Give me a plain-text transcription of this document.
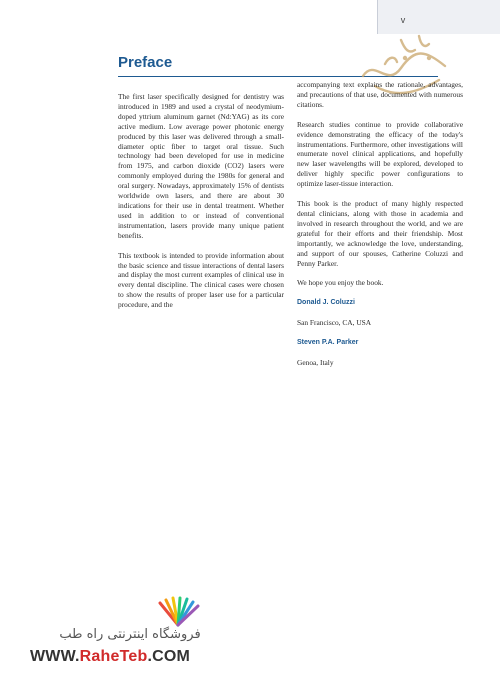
v
Preface

The first laser specifically designed for dentistry was introduced in 1989 and used a crystal of neodymium-doped yttrium aluminum garnet (Nd:YAG) as its core active medium. Low average power photonic energy produced by this laser was delivered through a small-diameter optic fiber to target oral tissue. Such technology had been developed for use in medicine from 1975, and carbon dioxide (CO2) lasers were commonly employed during the 1980s for general and oral surgery. Nowadays, approximately 15% of dentists worldwide own lasers, and there are about 30 indications for their use in dental treatment. Whether used in addition to or instead of conventional instrumentation, lasers provide many unique patient benefits.

This textbook is intended to provide information about the basic science and tissue interactions of dental lasers and display the most current examples of clinical use in every dental discipline. The clinical cases were chosen to show the results of proper laser use for a particular procedure, and the

accompanying text explains the rationale, advantages, and precautions of that use, documented with numerous citations.

Research studies continue to provide collaborative evidence demonstrating the efficacy of the today's instrumentations. Furthermore, other investigations will enumerate novel clinical applications, and hopefully new laser wavelengths will be explored, developed to deliver highly specific power configurations to optimize laser-tissue interaction.

This book is the product of many highly respected dental clinicians, along with those in academia and involved in research throughout the world, and we are grateful for their efforts and their friendship. Most importantly, we acknowledge the love, understanding, and support of our spouses, Catherine Coluzzi and Penny Parker.

We hope you enjoy the book.

Donald J. Coluzzi

San Francisco, CA, USA

Steven P.A. Parker

Genoa, Italy

فروشگاه اینترنتی راه طب
WWW.RaheTeb.COM
